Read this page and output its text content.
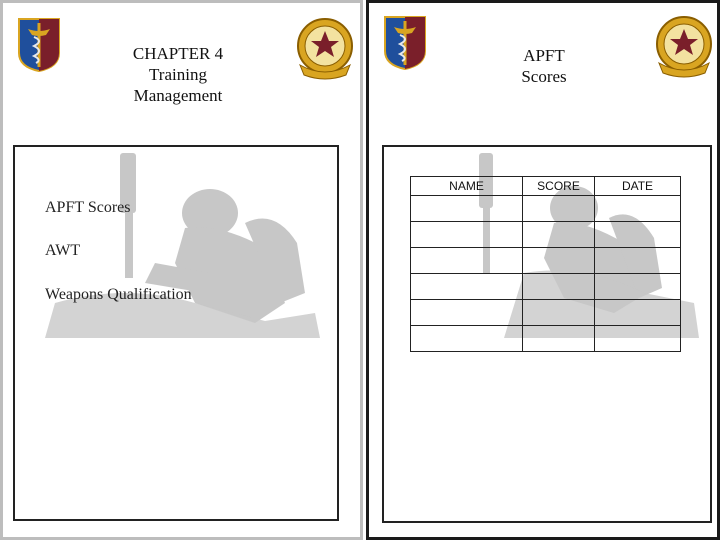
CHAPTER 4
Training
Management
APFT Scores
AWT
Weapons Qualification
APFT
Scores
NAME	SCORE	DATE
